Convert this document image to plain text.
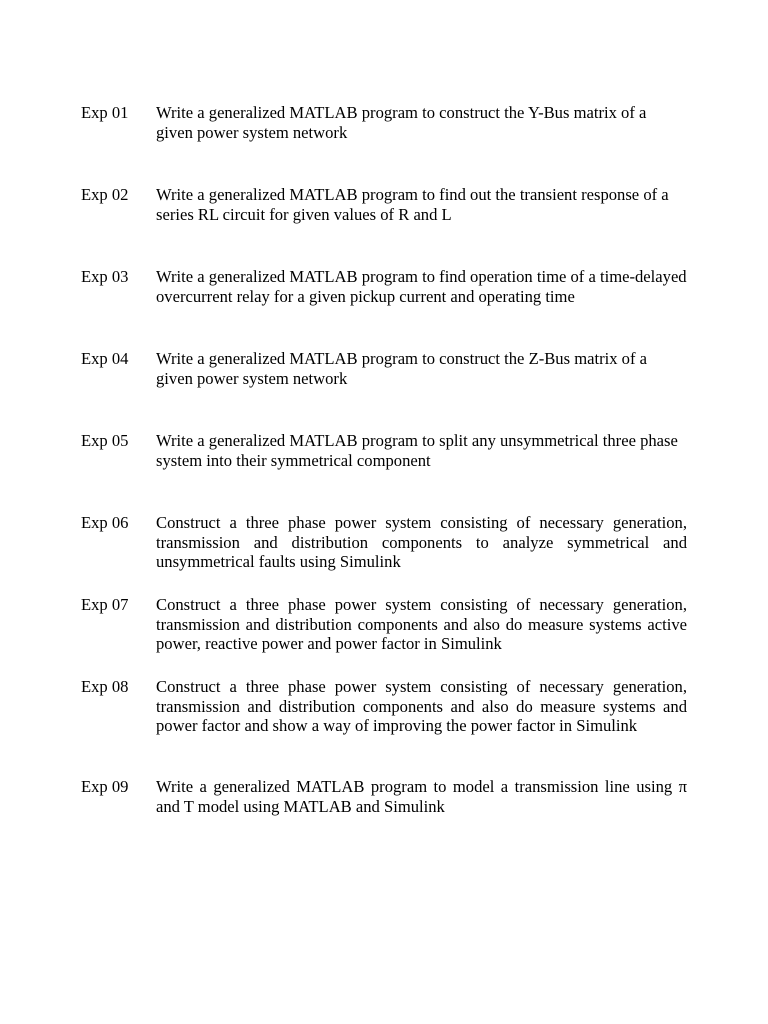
Exp 01 Write a generalized MATLAB program to construct the Y-Bus matrix of a given power system network
Exp 02 Write a generalized MATLAB program to find out the transient response of a series RL circuit for given values of R and L
Exp 03 Write a generalized MATLAB program to find operation time of a time-delayed overcurrent relay for a given pickup current and operating time
Exp 04 Write a generalized MATLAB program to construct the Z-Bus matrix of a given power system network
Exp 05 Write a generalized MATLAB program to split any unsymmetrical three phase system into their symmetrical component
Exp 06 Construct a three phase power system consisting of necessary generation, transmission and distribution components to analyze symmetrical and unsymmetrical faults using Simulink
Exp 07 Construct a three phase power system consisting of necessary generation, transmission and distribution components and also do measure systems active power, reactive power and power factor in Simulink
Exp 08 Construct a three phase power system consisting of necessary generation, transmission and distribution components and also do measure systems and power factor and show a way of improving the power factor in Simulink
Exp 09 Write a generalized MATLAB program to model a transmission line using π and T model using MATLAB and Simulink
